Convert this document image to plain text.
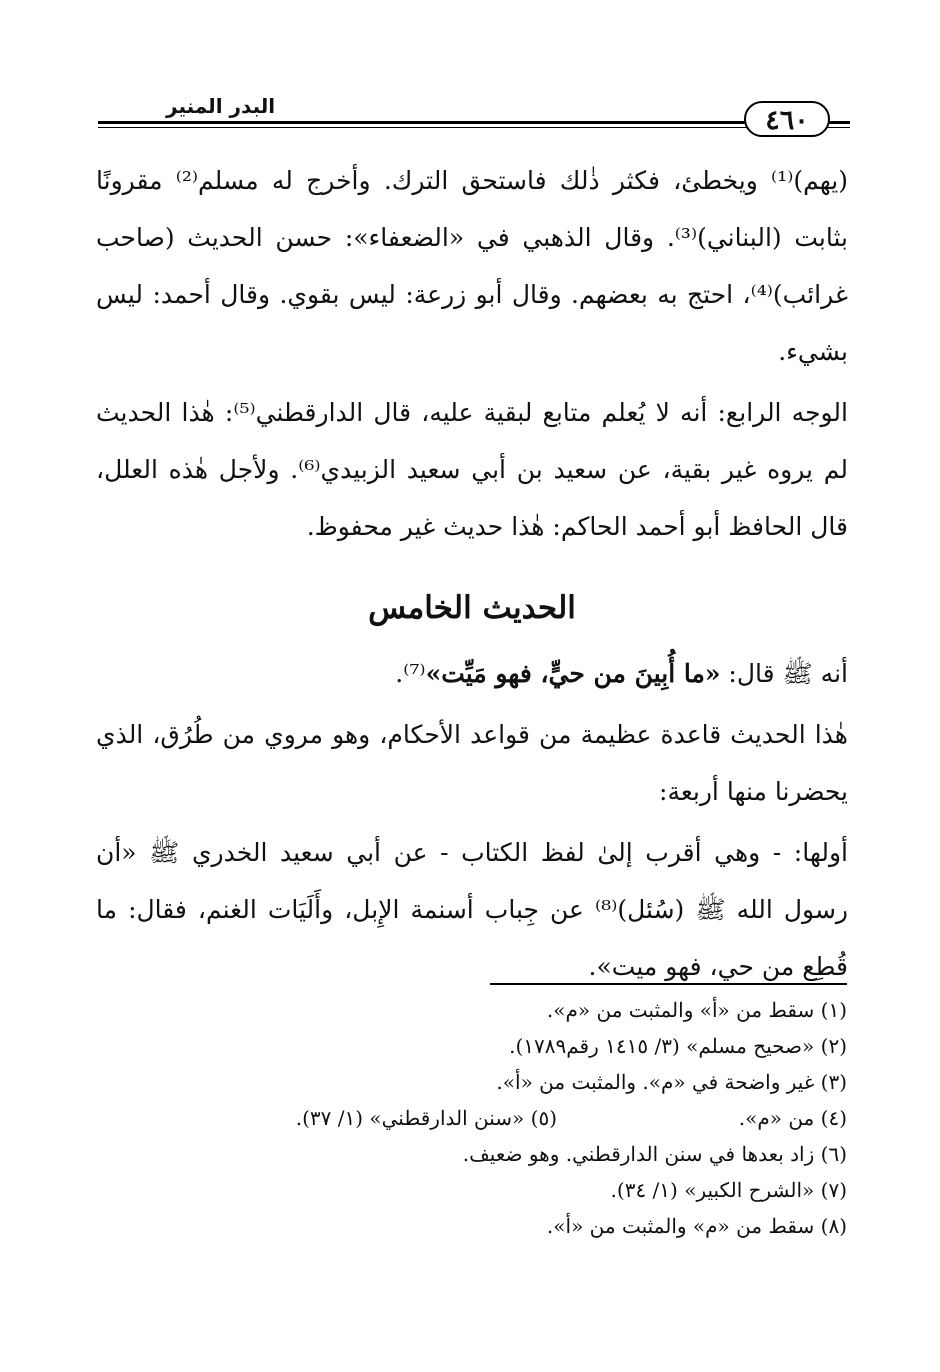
٤٦٠
البدر المنير

(يهم)⁽¹⁾ ويخطئ، فكثر ذٰلك فاستحق الترك. وأخرج له مسلم⁽²⁾ مقرونًا بثابت (البناني)⁽³⁾. وقال الذهبي في «الضعفاء»: حسن الحديث (صاحب غرائب)⁽⁴⁾، احتج به بعضهم. وقال أبو زرعة: ليس بقوي. وقال أحمد: ليس بشيء.

الوجه الرابع: أنه لا يُعلم متابع لبقية عليه، قال الدارقطني⁽⁵⁾: هٰذا الحديث لم يروه غير بقية، عن سعيد بن أبي سعيد الزبيدي⁽⁶⁾. ولأجل هٰذه العلل، قال الحافظ أبو أحمد الحاكم: هٰذا حديث غير محفوظ.

الحديث الخامس

أنه ﷺ قال: «ما أُبِينَ من حيٍّ، فهو مَيِّت»⁽⁷⁾.

هٰذا الحديث قاعدة عظيمة من قواعد الأحكام، وهو مروي من طُرُق، الذي يحضرنا منها أربعة:

أولها: - وهي أقرب إلىٰ لفظ الكتاب - عن أبي سعيد الخدري ﷺ «أن رسول الله ﷺ (سُئل)⁽⁸⁾ عن جِباب أسنمة الإِبل، وأَلَيَات الغنم، فقال: ما قُطِع من حي، فهو ميت».

(١) سقط من «أ» والمثبت من «م».
(٢) «صحيح مسلم» (٣/ ١٤١٥ رقم١٧٨٩).
(٣) غير واضحة في «م». والمثبت من «أ».
(٤) من «م».
(٥) «سنن الدارقطني» (١/ ٣٧).
(٦) زاد بعدها في سنن الدارقطني. وهو ضعيف.
(٧) «الشرح الكبير» (١/ ٣٤).
(٨) سقط من «م» والمثبت من «أ».
